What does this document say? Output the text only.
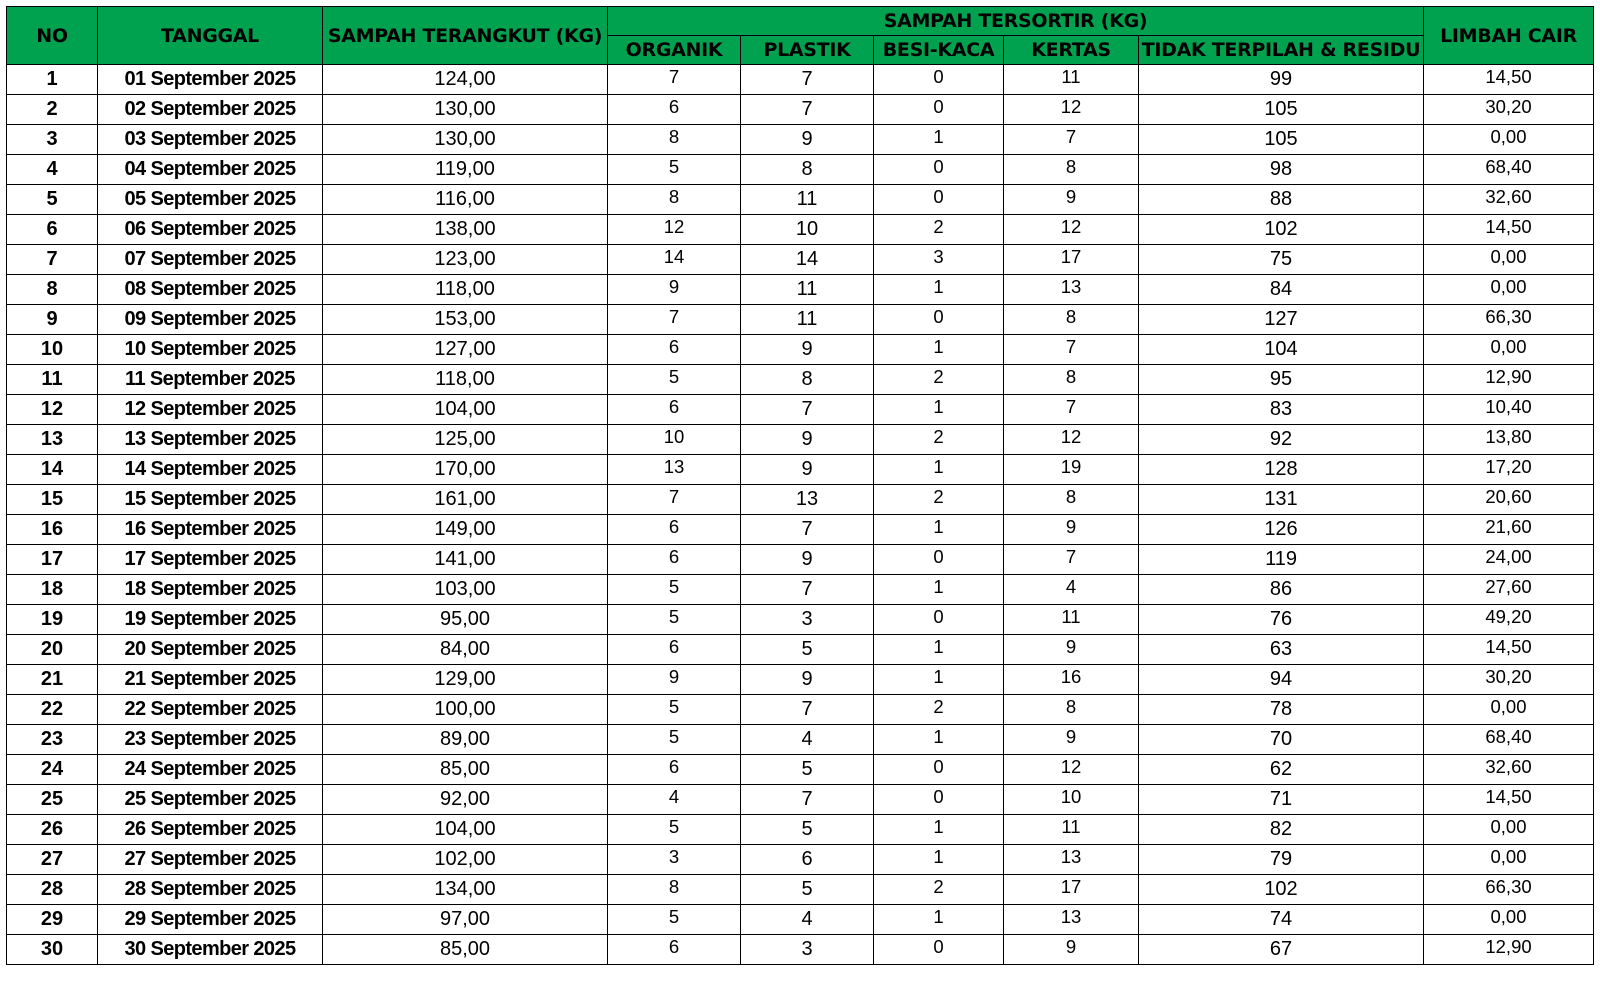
NO	TANGGAL	SAMPAH TERANGKUT (KG)	SAMPAH TERSORTIR (KG)					LIMBAH CAIR
			ORGANIK	PLASTIK	BESI-KACA	KERTAS	TIDAK TERPILAH & RESIDU	
1	01 September 2025	124,00	7	7	0	11	99	14,50
2	02 September 2025	130,00	6	7	0	12	105	30,20
3	03 September 2025	130,00	8	9	1	7	105	0,00
4	04 September 2025	119,00	5	8	0	8	98	68,40
5	05 September 2025	116,00	8	11	0	9	88	32,60
6	06 September 2025	138,00	12	10	2	12	102	14,50
7	07 September 2025	123,00	14	14	3	17	75	0,00
8	08 September 2025	118,00	9	11	1	13	84	0,00
9	09 September 2025	153,00	7	11	0	8	127	66,30
10	10 September 2025	127,00	6	9	1	7	104	0,00
11	11 September 2025	118,00	5	8	2	8	95	12,90
12	12 September 2025	104,00	6	7	1	7	83	10,40
13	13 September 2025	125,00	10	9	2	12	92	13,80
14	14 September 2025	170,00	13	9	1	19	128	17,20
15	15 September 2025	161,00	7	13	2	8	131	20,60
16	16 September 2025	149,00	6	7	1	9	126	21,60
17	17 September 2025	141,00	6	9	0	7	119	24,00
18	18 September 2025	103,00	5	7	1	4	86	27,60
19	19 September 2025	95,00	5	3	0	11	76	49,20
20	20 September 2025	84,00	6	5	1	9	63	14,50
21	21 September 2025	129,00	9	9	1	16	94	30,20
22	22 September 2025	100,00	5	7	2	8	78	0,00
23	23 September 2025	89,00	5	4	1	9	70	68,40
24	24 September 2025	85,00	6	5	0	12	62	32,60
25	25 September 2025	92,00	4	7	0	10	71	14,50
26	26 September 2025	104,00	5	5	1	11	82	0,00
27	27 September 2025	102,00	3	6	1	13	79	0,00
28	28 September 2025	134,00	8	5	2	17	102	66,30
29	29 September 2025	97,00	5	4	1	13	74	0,00
30	30 September 2025	85,00	6	3	0	9	67	12,90
